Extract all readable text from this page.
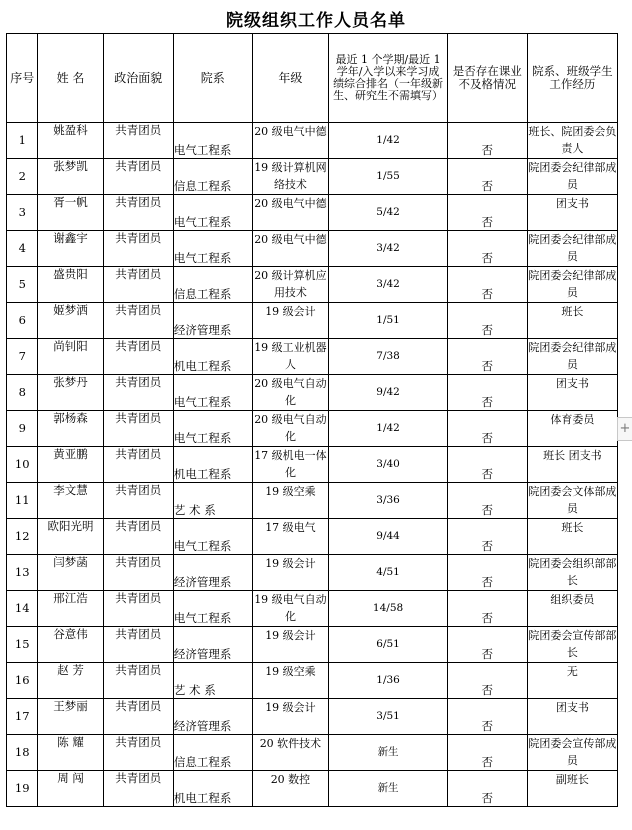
院级组织工作人员名单
序号	姓 名	政治面貌	院系	年级	最近 1 个学期/最近 1 学年/入学以来学习成绩综合排名（一年级新生、研究生不需填写）	是否存在课业不及格情况	院系、班级学生工作经历
1	姚盈科	共青团员	电气工程系	20 级电气中德	1/42	否	班长、院团委会负责人
2	张梦凯	共青团员	信息工程系	19 级计算机网络技术	1/55	否	院团委会纪律部成员
3	胥一帆	共青团员	电气工程系	20 级电气中德	5/42	否	团支书
4	谢鑫宇	共青团员	电气工程系	20 级电气中德	3/42	否	院团委会纪律部成员
5	盛贵阳	共青团员	信息工程系	20 级计算机应用技术	3/42	否	院团委会纪律部成员
6	姬梦洒	共青团员	经济管理系	19 级会计	1/51	否	班长
7	尚钊阳	共青团员	机电工程系	19 级工业机器人	7/38	否	院团委会纪律部成员
8	张梦丹	共青团员	电气工程系	20 级电气自动化	9/42	否	团支书
9	郭杨森	共青团员	电气工程系	20 级电气自动化	1/42	否	体育委员
10	黄亚鹏	共青团员	机电工程系	17 级机电一体化	3/40	否	班长 团支书
11	李文慧	共青团员	艺 术 系	19 级空乘	3/36	否	院团委会文体部成员
12	欧阳光明	共青团员	电气工程系	17 级电气	9/44	否	班长
13	闫梦菡	共青团员	经济管理系	19 级会计	4/51	否	院团委会组织部部长
14	邢江浩	共青团员	电气工程系	19 级电气自动化	14/58	否	组织委员
15	谷意伟	共青团员	经济管理系	19 级会计	6/51	否	院团委会宣传部部长
16	赵 芳	共青团员	艺 术 系	19 级空乘	1/36	否	无
17	王梦丽	共青团员	经济管理系	19 级会计	3/51	否	团支书
18	陈 耀	共青团员	信息工程系	20 软件技术	新生	否	院团委会宣传部成员
19	周 闯	共青团员	机电工程系	20 数控	新生	否	副班长
+
